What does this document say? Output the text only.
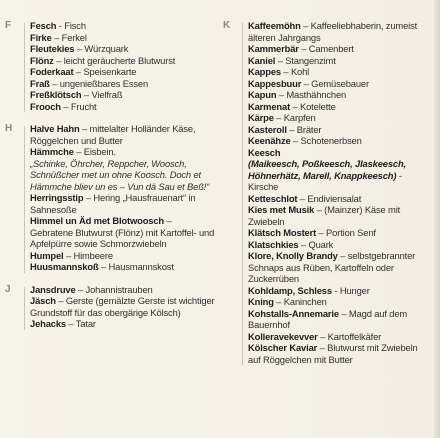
F	Fesch - Fisch

Firke – Ferkel

Fleutekies – Würzquark

Flönz – leicht geräucherte Blutwurst

Foderkaat – Speisenkarte

Fraß – ungenießbares Essen

Freßklötsch – Vielfraß

Frooch – Frucht

H	Halve Hahn – mittelalter Holländer Käse, Röggelchen und Butter

Hämmche – Eisbein.
„Schinke, Öhrcher, Reppcher, Woosch, Schnüßcher met un ohne Koosch. Doch et Hämmche bliev un es – Vun dä Sau et Beß!“

Herringsstip – Hering „Hausfrauenart“ in Sahnesoße

Himmel un Äd met Blotwoosch – Gebratene Blutwurst (Flönz) mit Kartoffel- und Apfelpürre sowie Schmorzwiebeln

Humpel – Himbeere

Huusmannskoß – Hausmannskost

J	Jansdruve – Johannistrauben

Jäsch – Gerste (gemälzte Gerste ist wichtiger Grundstoff für das obergärige Kölsch)

Jehacks – Tatar

K	Kaffeemöhn – Kaffeeliebhaberin, zumeist älteren Jahrgangs

Kammerbär – Camenbert

Kaniel – Stangenzimt

Kappes – Kohl

Kappesbuur – Gemüsebauer

Kapun – Masthähnchen

Karmenat – Kotelette

Kärpe – Karpfen

Kasteroll – Bräter

Keenähze – Schotenerbsen

Keesch
(Maikeesch, Poßkeesch, Jlaskeesch, Höhnerhätz, Marell, Knappkeesch) - Kirsche

Ketteschlot – Endiviensalat

Kies met Musik – (Mainzer) Käse mit Zwiebeln

Klätsch Mostert – Portion Senf

Klatschkies – Quark

Klore, Knolly Brandy – selbstgebrannter Schnaps aus Rüben, Kartoffeln oder Zuckerrüben

Kohldamp, Schless - Hunger

Kning – Kaninchen

Kohstalls-Annemarie – Magd auf dem Bauernhof

Kolleravekevver – Kartoffelkäfer

Kölscher Kaviar – Blutwurst mit Zwiebeln auf Röggelchen mit Butter
